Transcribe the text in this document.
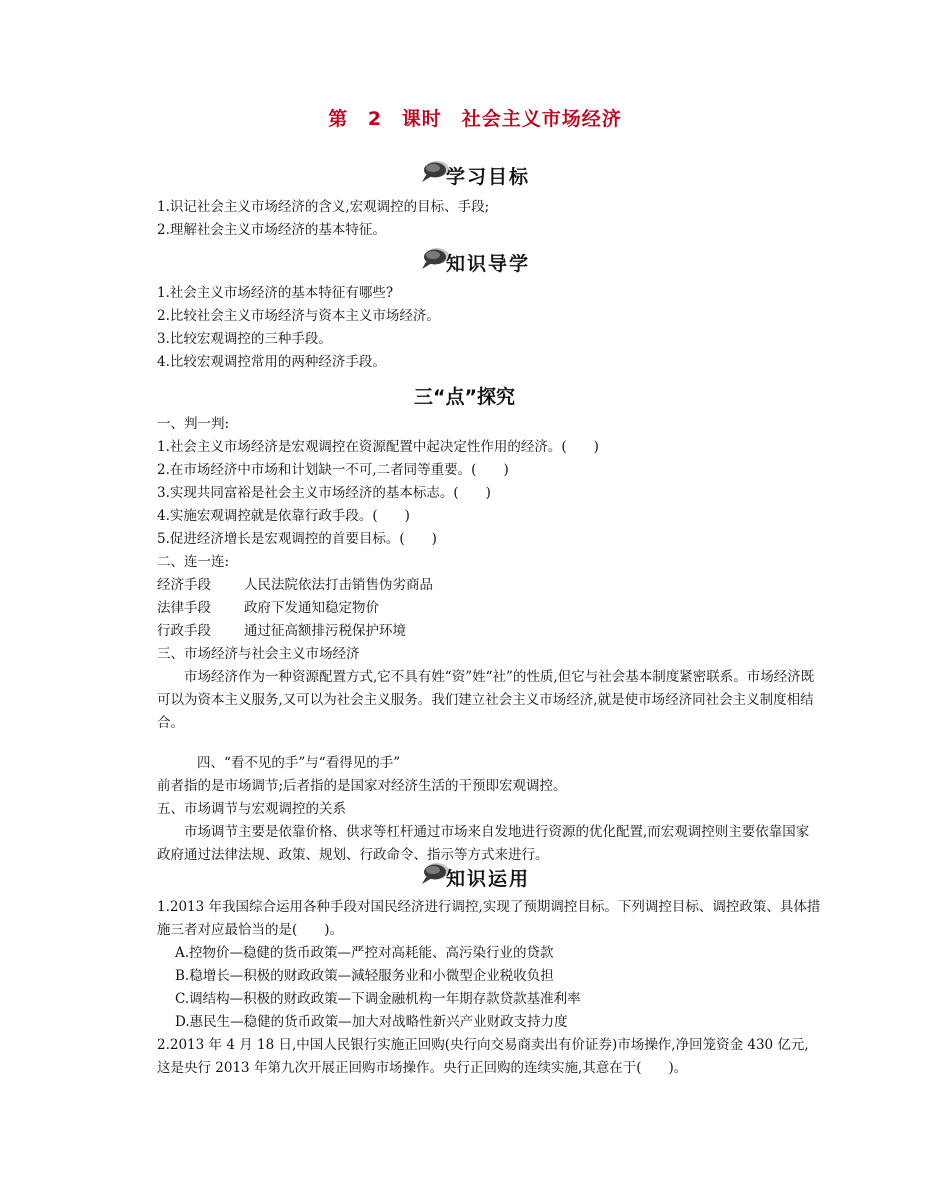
第 2 课时　社会主义市场经济
学习目标
1.识记社会主义市场经济的含义,宏观调控的目标、手段;
2.理解社会主义市场经济的基本特征。
知识导学
1.社会主义市场经济的基本特征有哪些?
2.比较社会主义市场经济与资本主义市场经济。
3.比较宏观调控的三种手段。
4.比较宏观调控常用的两种经济手段。
三“点”探究
一、判一判:
1.社会主义市场经济是宏观调控在资源配置中起决定性作用的经济。(　　)
2.在市场经济中市场和计划缺一不可,二者同等重要。(　　)
3.实现共同富裕是社会主义市场经济的基本标志。(　　)
4.实施宏观调控就是依靠行政手段。(　　)
5.促进经济增长是宏观调控的首要目标。(　　)
二、连一连:
经济手段 人民法院依法打击销售伪劣商品
法律手段 政府下发通知稳定物价
行政手段 通过征高额排污税保护环境
三、市场经济与社会主义市场经济
市场经济作为一种资源配置方式,它不具有姓“资”姓“社”的性质,但它与社会基本制度紧密联系。市场经济既可以为资本主义服务,又可以为社会主义服务。我们建立社会主义市场经济,就是使市场经济同社会主义制度相结合。
四、“看不见的手”与“看得见的手”
前者指的是市场调节;后者指的是国家对经济生活的干预即宏观调控。
五、市场调节与宏观调控的关系
市场调节主要是依靠价格、供求等杠杆通过市场来自发地进行资源的优化配置,而宏观调控则主要依靠国家政府通过法律法规、政策、规划、行政命令、指示等方式来进行。
知识运用
1.2013 年我国综合运用各种手段对国民经济进行调控,实现了预期调控目标。下列调控目标、调控政策、具体措施三者对应最恰当的是(　　)。
A.控物价—稳健的货币政策—严控对高耗能、高污染行业的贷款
B.稳增长—积极的财政政策—減轻服务业和小微型企业税收负担
C.调结构—积极的财政政策—下调金融机构一年期存款贷款基准利率
D.惠民生—稳健的货币政策—加大对战略性新兴产业财政支持力度
2.2013 年 4 月 18 日,中国人民银行实施正回购(央行向交易商卖出有价证券)市场操作,净回笼资金 430 亿元,这是央行 2013 年第九次开展正回购市场操作。央行正回购的连续实施,其意在于(　　)。
